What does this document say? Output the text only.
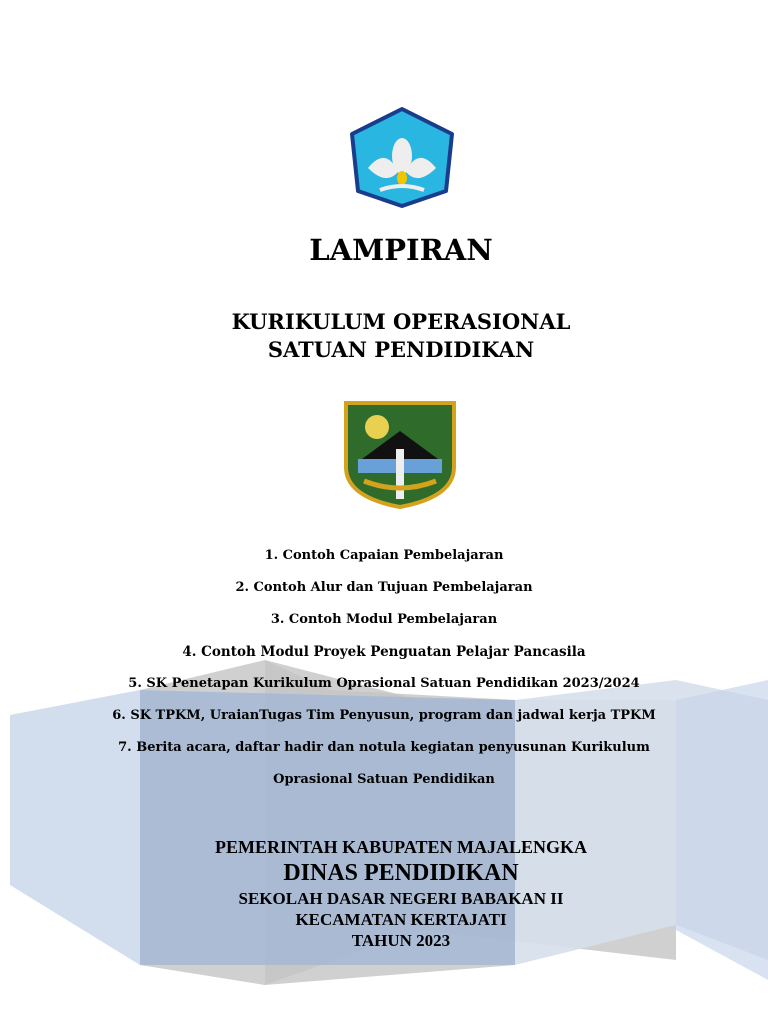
LAMPIRAN
KURIKULUM OPERASIONAL
SATUAN PENDIDIKAN
1. Contoh Capaian Pembelajaran
2. Contoh Alur dan Tujuan Pembelajaran
3. Contoh Modul Pembelajaran
4. Contoh Modul Proyek Penguatan Pelajar Pancasila
5. SK Penetapan Kurikulum Oprasional Satuan Pendidikan 2023/2024
6. SK TPKM, UraianTugas Tim Penyusun, program dan jadwal kerja TPKM
7. Berita acara, daftar hadir dan notula kegiatan penyusunan Kurikulum
Oprasional Satuan Pendidikan
PEMERINTAH KABUPATEN MAJALENGKA
DINAS PENDIDIKAN
SEKOLAH DASAR NEGERI BABAKAN II
KECAMATAN KERTAJATI
TAHUN 2023
